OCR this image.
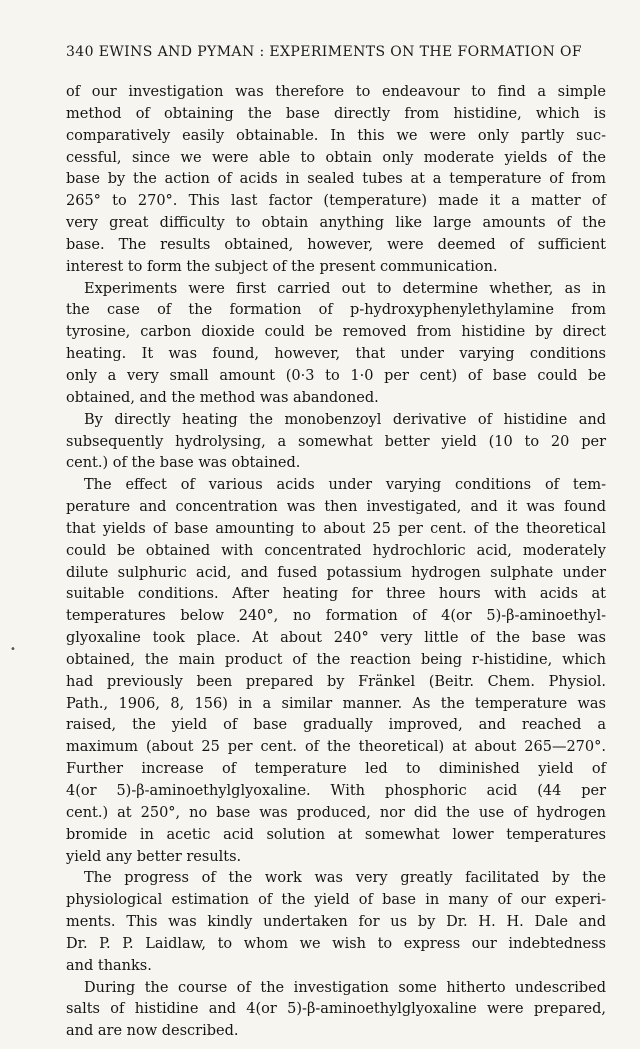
340 EWINS AND PYMAN : EXPERIMENTS ON THE FORMATION OF
•
of our investigation was therefore to endeavour to find a simple
method of obtaining the base directly from histidine, which is
comparatively easily obtainable. In this we were only partly suc-
cessful, since we were able to obtain only moderate yields of the
base by the action of acids in sealed tubes at a temperature of from
265° to 270°. This last factor (temperature) made it a matter of
very great difficulty to obtain anything like large amounts of the
base. The results obtained, however, were deemed of sufficient
interest to form the subject of the present communication.
Experiments were first carried out to determine whether, as in
the case of the formation of p-hydroxyphenylethylamine from
tyrosine, carbon dioxide could be removed from histidine by direct
heating. It was found, however, that under varying conditions
only a very small amount (0·3 to 1·0 per cent) of base could be
obtained, and the method was abandoned.
By directly heating the monobenzoyl derivative of histidine and
subsequently hydrolysing, a somewhat better yield (10 to 20 per
cent.) of the base was obtained.
The effect of various acids under varying conditions of tem-
perature and concentration was then investigated, and it was found
that yields of base amounting to about 25 per cent. of the theoretical
could be obtained with concentrated hydrochloric acid, moderately
dilute sulphuric acid, and fused potassium hydrogen sulphate under
suitable conditions. After heating for three hours with acids at
temperatures below 240°, no formation of 4(or 5)-β-aminoethyl-
glyoxaline took place. At about 240° very little of the base was
obtained, the main product of the reaction being r-histidine, which
had previously been prepared by Fränkel (Beitr. Chem. Physiol.
Path., 1906, 8, 156) in a similar manner. As the temperature was
raised, the yield of base gradually improved, and reached a
maximum (about 25 per cent. of the theoretical) at about 265—270°.
Further increase of temperature led to diminished yield of
4(or 5)-β-aminoethylglyoxaline. With phosphoric acid (44 per
cent.) at 250°, no base was produced, nor did the use of hydrogen
bromide in acetic acid solution at somewhat lower temperatures
yield any better results.
The progress of the work was very greatly facilitated by the
physiological estimation of the yield of base in many of our experi-
ments. This was kindly undertaken for us by Dr. H. H. Dale and
Dr. P. P. Laidlaw, to whom we wish to express our indebtedness
and thanks.
During the course of the investigation some hitherto undescribed
salts of histidine and 4(or 5)-β-aminoethylglyoxaline were prepared,
and are now described.
